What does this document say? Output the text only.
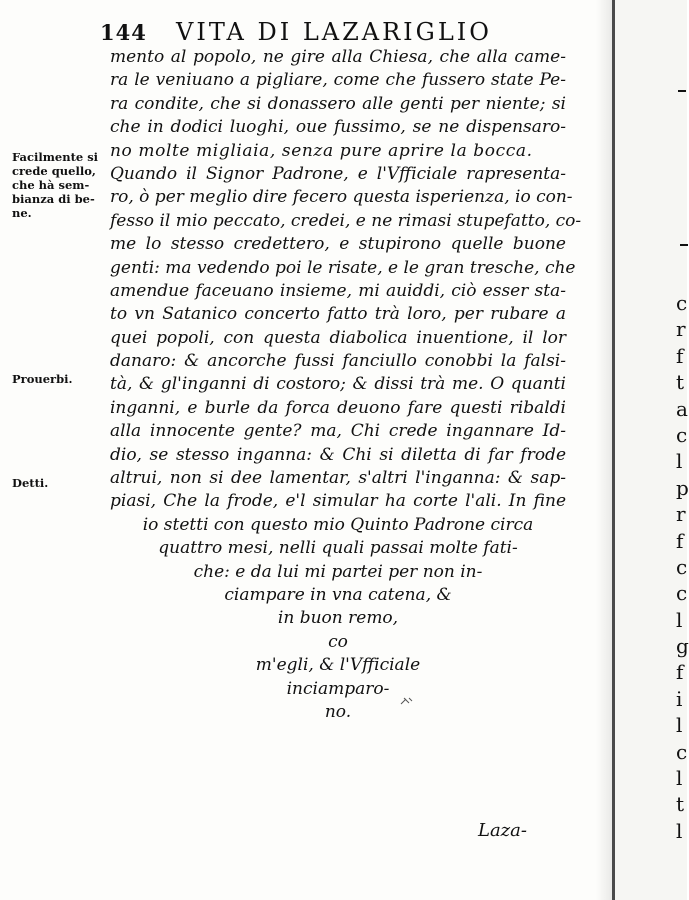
c
r
f
t
a
c
l
p
r
f
c
c
l
g
f
i
l
c
l
t
l
144 VITA DI LAZARIGLIO
mento al popolo, ne gire alla Chiesa, che alla came-
ra le veniuano a pigliare, come che fussero state Pe-
ra condite, che si donassero alle genti per niente; si
che in dodici luoghi, oue fussimo, se ne dispensaro-
no molte migliaia, senza pure aprire la bocca.
Quando il Signor Padrone, e l'Vfficiale rapresenta-
ro, ò per meglio dire fecero questa isperienza, io con-
fesso il mio peccato, credei, e ne rimasi stupefatto, co-
me lo stesso credettero, e stupirono quelle buone
genti: ma vedendo poi le risate, e le gran tresche, che
amendue faceuano insieme, mi auiddi, ciò esser sta-
to vn Satanico concerto fatto trà loro, per rubare a
quei popoli, con questa diabolica inuentione, il lor
danaro: & ancorche fussi fanciullo conobbi la falsi-
tà, & gl'inganni di costoro; & dissi trà me. O quanti
inganni, e burle da forca deuono fare questi ribaldi
alla innocente gente? ma, Chi crede ingannare Id-
dio, se stesso inganna: & Chi si diletta di far frode
altrui, non si dee lamentar, s'altri l'inganna: & sap-
piasi, Che la frode, e'l simular ha corte l'ali. In fine
io stetti con questo mio Quinto Padrone circa
quattro mesi, nelli quali passai molte fati-
che: e da lui mi partei per non in-
ciampare in vna catena, &
in buon remo,
co
m'egli, & l'Vfficiale
inciamparo-
no.
Facilmente si
crede quello,
che hà sem-
bianza di be-
ne.
Prouerbi.
Detti.
Laza-
